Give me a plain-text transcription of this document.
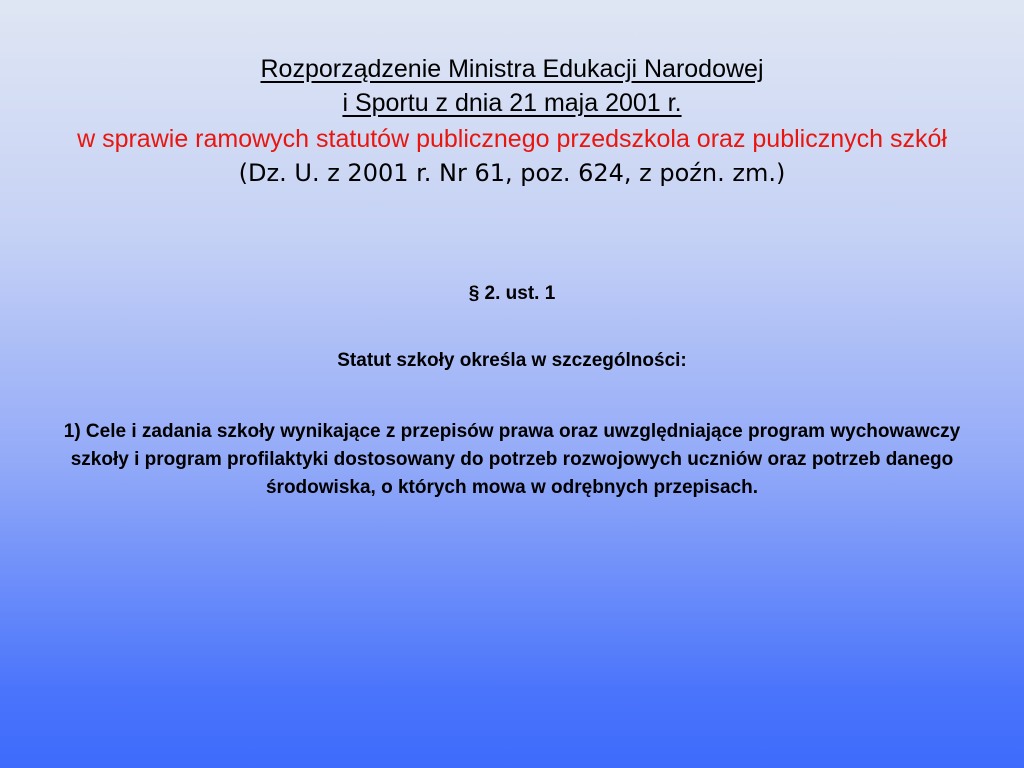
Rozporządzenie Ministra Edukacji Narodowej

i Sportu z dnia 21 maja 2001 r.

w sprawie ramowych statutów publicznego przedszkola oraz publicznych szkół

(Dz. U. z 2001 r. Nr 61, poz. 624, z poźn. zm.)

§ 2. ust. 1
Statut szkoły określa w szczególności:
1) Cele i zadania szkoły wynikające z przepisów prawa oraz uwzględniające program wychowawczy szkoły i program profilaktyki dostosowany do potrzeb rozwojowych uczniów oraz potrzeb danego środowiska, o których mowa w odrębnych przepisach.
